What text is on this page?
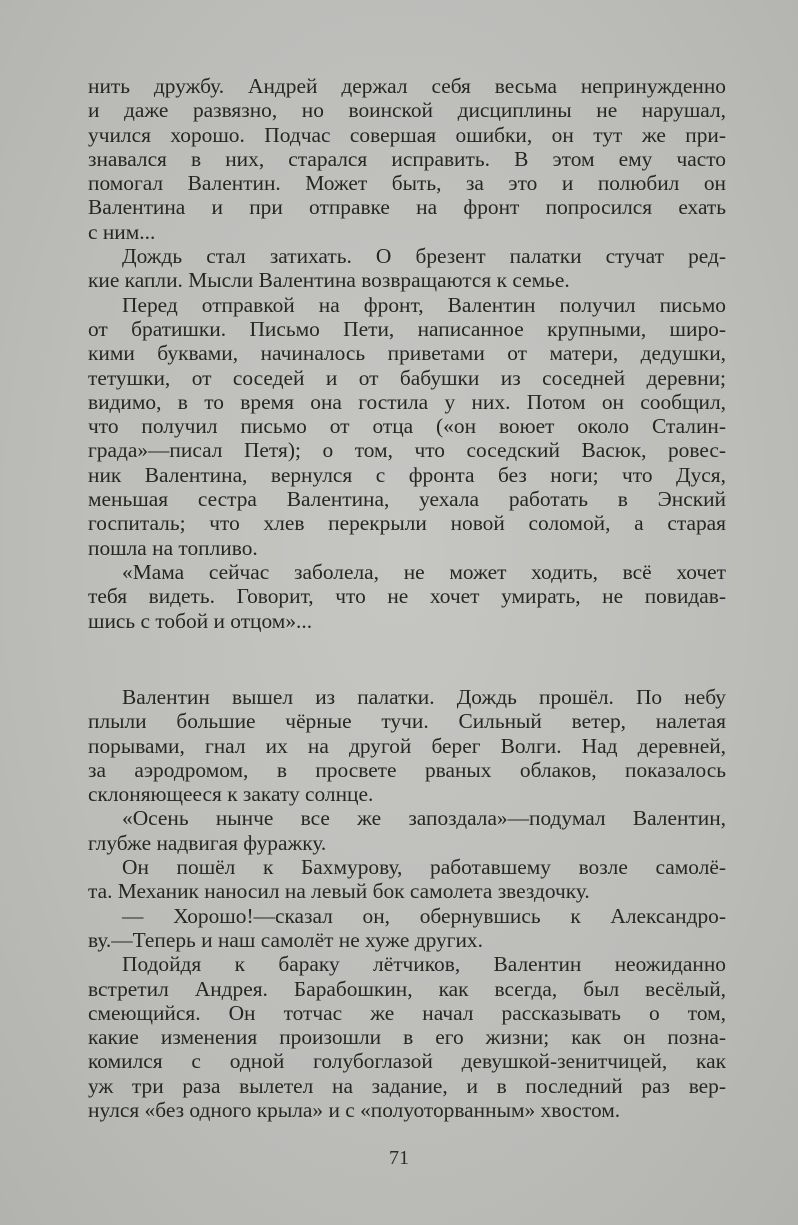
нить дружбу. Андрей держал себя весьма непринужденно
и даже развязно, но воинской дисциплины не нарушал,
учился хорошо. Подчас совершая ошибки, он тут же при-
знавался в них, старался исправить. В этом ему часто
помогал Валентин. Может быть, за это и полюбил он
Валентина и при отправке на фронт попросился ехать
с ним...
Дождь стал затихать. О брезент палатки стучат ред-
кие капли. Мысли Валентина возвращаются к семье.
Перед отправкой на фронт, Валентин получил письмо
от братишки. Письмо Пети, написанное крупными, широ-
кими буквами, начиналось приветами от матери, дедушки,
тетушки, от соседей и от бабушки из соседней деревни;
видимо, в то время она гостила у них. Потом он сообщил,
что получил письмо от отца («он воюет около Сталин-
града»—писал Петя); о том, что соседский Васюк, ровес-
ник Валентина, вернулся с фронта без ноги; что Дуся,
меньшая сестра Валентина, уехала работать в Энский
госпиталь; что хлев перекрыли новой соломой, а старая
пошла на топливо.
«Мама сейчас заболела, не может ходить, всё хочет
тебя видеть. Говорит, что не хочет умирать, не повидав-
шись с тобой и отцом»...
Валентин вышел из палатки. Дождь прошёл. По небу
плыли большие чёрные тучи. Сильный ветер, налетая
порывами, гнал их на другой берег Волги. Над деревней,
за аэродромом, в просвете рваных облаков, показалось
склоняющееся к закату солнце.
«Осень нынче все же запоздала»—подумал Валентин,
глубже надвигая фуражку.
Он пошёл к Бахмурову, работавшему возле самолё-
та. Механик наносил на левый бок самолета звездочку.
— Хорошо!—сказал он, обернувшись к Александро-
ву.—Теперь и наш самолёт не хуже других.
Подойдя к бараку лётчиков, Валентин неожиданно
встретил Андрея. Барабошкин, как всегда, был весёлый,
смеющийся. Он тотчас же начал рассказывать о том,
какие изменения произошли в его жизни; как он позна-
комился с одной голубоглазой девушкой-зенитчицей, как
уж три раза вылетел на задание, и в последний раз вер-
нулся «без одного крыла» и с «полуоторванным» хвостом.
71
